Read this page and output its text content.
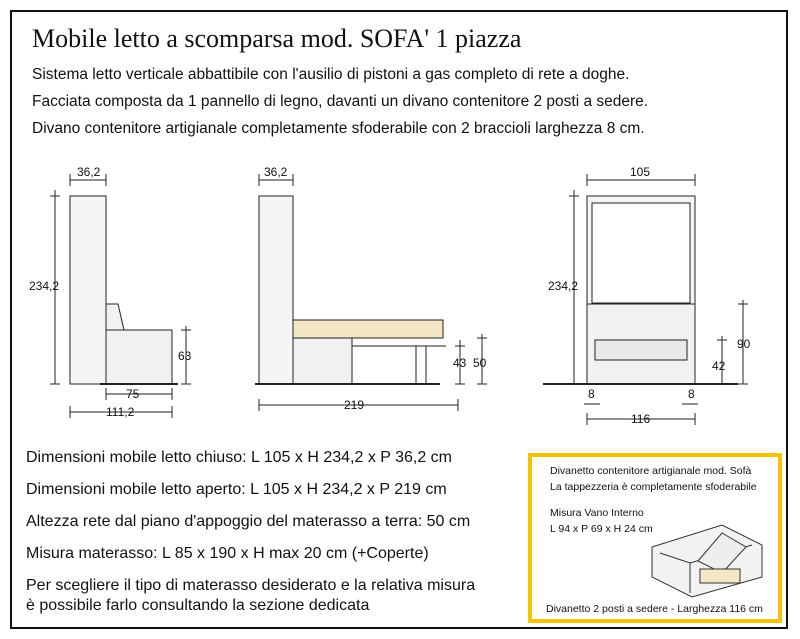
Mobile letto a scomparsa mod. SOFA' 1 piazza
Sistema letto verticale abbattibile con l'ausilio di pistoni a gas completo di rete a doghe.
Facciata composta da 1 pannello di legno, davanti un divano contenitore 2 posti a sedere.
Divano contenitore artigianale completamente sfoderabile con 2 braccioli larghezza 8 cm.
36,2
234,2
63
75
111,2
36,2
43 50
219
105
234,2
90
42
8	8
116
Dimensioni mobile letto chiuso: L 105 x H 234,2 x P 36,2 cm
Dimensioni mobile letto aperto: L 105 x H 234,2 x P 219 cm
Altezza rete dal piano d'appoggio del materasso a terra: 50 cm
Misura materasso: L 85 x 190 x H max 20 cm (+Coperte)
Per scegliere il tipo di materasso desiderato e la relativa misura
è possibile farlo consultando la sezione dedicata
Divanetto contenitore artigianale mod. Sofà
La tappezzeria è completamente sfoderabile
Misura Vano Interno
L 94 x P 69 x H 24 cm
Divanetto 2 posti a sedere - Larghezza 116 cm
